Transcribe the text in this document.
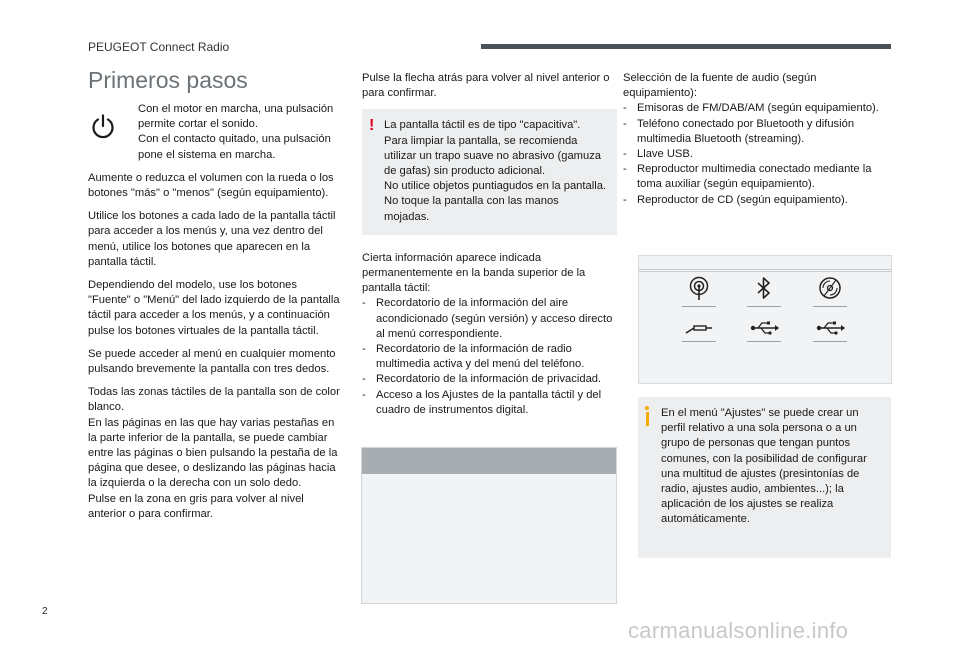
PEUGEOT Connect Radio
Primeros pasos
Con el motor en marcha, una pulsación permite cortar el sonido.
Con el contacto quitado, una pulsación pone el sistema en marcha.

Aumente o reduzca el volumen con la rueda o los botones "más" o "menos" (según equipamiento).

Utilice los botones a cada lado de la pantalla táctil para acceder a los menús y, una vez dentro del menú, utilice los botones que aparecen en la pantalla táctil.

Dependiendo del modelo, use los botones "Fuente" o "Menú" del lado izquierdo de la pantalla táctil para acceder a los menús, y a continuación pulse los botones virtuales de la pantalla táctil.

Se puede acceder al menú en cualquier momento pulsando brevemente la pantalla con tres dedos.

Todas las zonas táctiles de la pantalla son de color blanco.
En las páginas en las que hay varias pestañas en la parte inferior de la pantalla, se puede cambiar entre las páginas o bien pulsando la pestaña de la página que desee, o deslizando las páginas hacia la izquierda o la derecha con un solo dedo.
Pulse en la zona en gris para volver al nivel anterior o para confirmar.

Pulse la flecha atrás para volver al nivel anterior o para confirmar.

! La pantalla táctil es de tipo "capacitiva".
Para limpiar la pantalla, se recomienda utilizar un trapo suave no abrasivo (gamuza de gafas) sin producto adicional.
No utilice objetos puntiagudos en la pantalla.
No toque la pantalla con las manos mojadas.

Cierta información aparece indicada permanentemente en la banda superior de la pantalla táctil:

- Recordatorio de la información del aire acondicionado (según versión) y acceso directo al menú correspondiente.
- Recordatorio de la información de radio multimedia activa y del menú del teléfono.
- Recordatorio de la información de privacidad.
- Acceso a los Ajustes de la pantalla táctil y del cuadro de instrumentos digital.

Selección de la fuente de audio (según equipamiento):

- Emisoras de FM/DAB/AM (según equipamiento).
- Teléfono conectado por Bluetooth y difusión multimedia Bluetooth (streaming).
- Llave USB.
- Reproductor multimedia conectado mediante la toma auxiliar (según equipamiento).
- Reproductor de CD (según equipamiento).
En el menú "Ajustes" se puede crear un perfil relativo a una sola persona o a un grupo de personas que tengan puntos comunes, con la posibilidad de configurar una multitud de ajustes (presintonías de radio, ajustes audio, ambientes...); la aplicación de los ajustes se realiza automáticamente.
2
carmanualsonline.info
